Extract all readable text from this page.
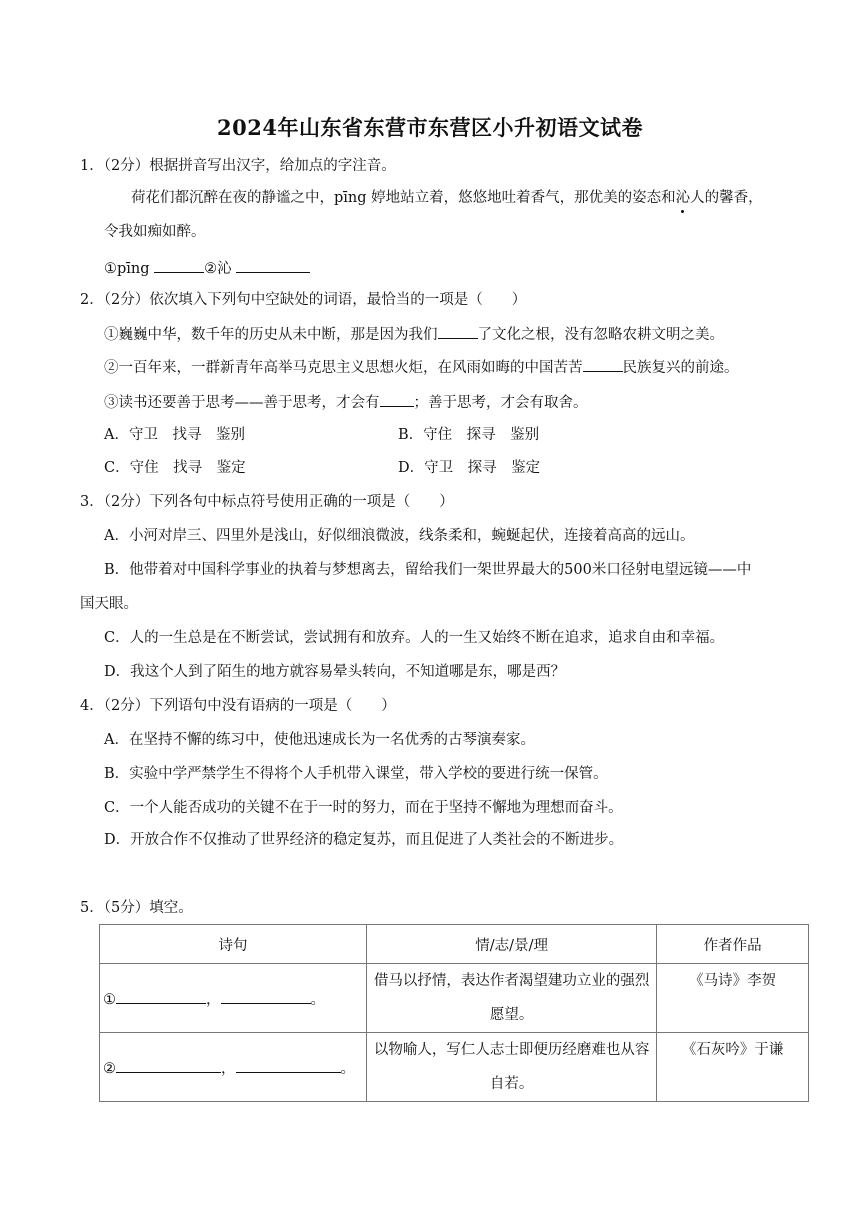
2024年山东省东营市东营区小升初语文试卷
1．（2分）根据拼音写出汉字，给加点的字注音。
荷花们都沉醉在夜的静谧之中，pīng 婷地站立着，悠悠地吐着香气，那优美的姿态和沁人的馨香，
令我如痴如醉。
①pīng	②沁
2．（2分）依次填入下列句中空缺处的词语，最恰当的一项是（　　）
①巍巍中华，数千年的历史从未中断，那是因为我们	了文化之根，没有忽略农耕文明之美。
②一百年来，一群新青年高举马克思主义思想火炬，在风雨如晦的中国苦苦	民族复兴的前途。
③读书还要善于思考——善于思考，才会有 ；善于思考，才会有取舍。
A．守卫　找寻　鉴别	B．守住　探寻　鉴别
C．守住　找寻　鉴定	D．守卫　探寻　鉴定
3．（2分）下列各句中标点符号使用正确的一项是（　　）
A．小河对岸三、四里外是浅山，好似细浪微波，线条柔和，蜿蜒起伏，连接着高高的远山。
B．他带着对中国科学事业的执着与梦想离去，留给我们一架世界最大的500米口径射电望远镜——中
国天眼。
C．人的一生总是在不断尝试，尝试拥有和放弃。人的一生又始终不断在追求，追求自由和幸福。
D．我这个人到了陌生的地方就容易晕头转向，不知道哪是东，哪是西？
4．（2分）下列语句中没有语病的一项是（　　）
A．在坚持不懈的练习中，使他迅速成长为一名优秀的古琴演奏家。
B．实验中学严禁学生不得将个人手机带入课堂，带入学校的要进行统一保管。
C．一个人能否成功的关键不在于一时的努力，而在于坚持不懈地为理想而奋斗。
D．开放合作不仅推动了世界经济的稳定复苏，而且促进了人类社会的不断进步。
5．（5分）填空。
诗句	情/志/景/理	作者作品
① ， 。	借马以抒情，表达作者渴望建功立业的强烈愿望。	《马诗》李贺
② ， 。	以物喻人，写仁人志士即便历经磨难也从容自若。	《石灰吟》于谦
